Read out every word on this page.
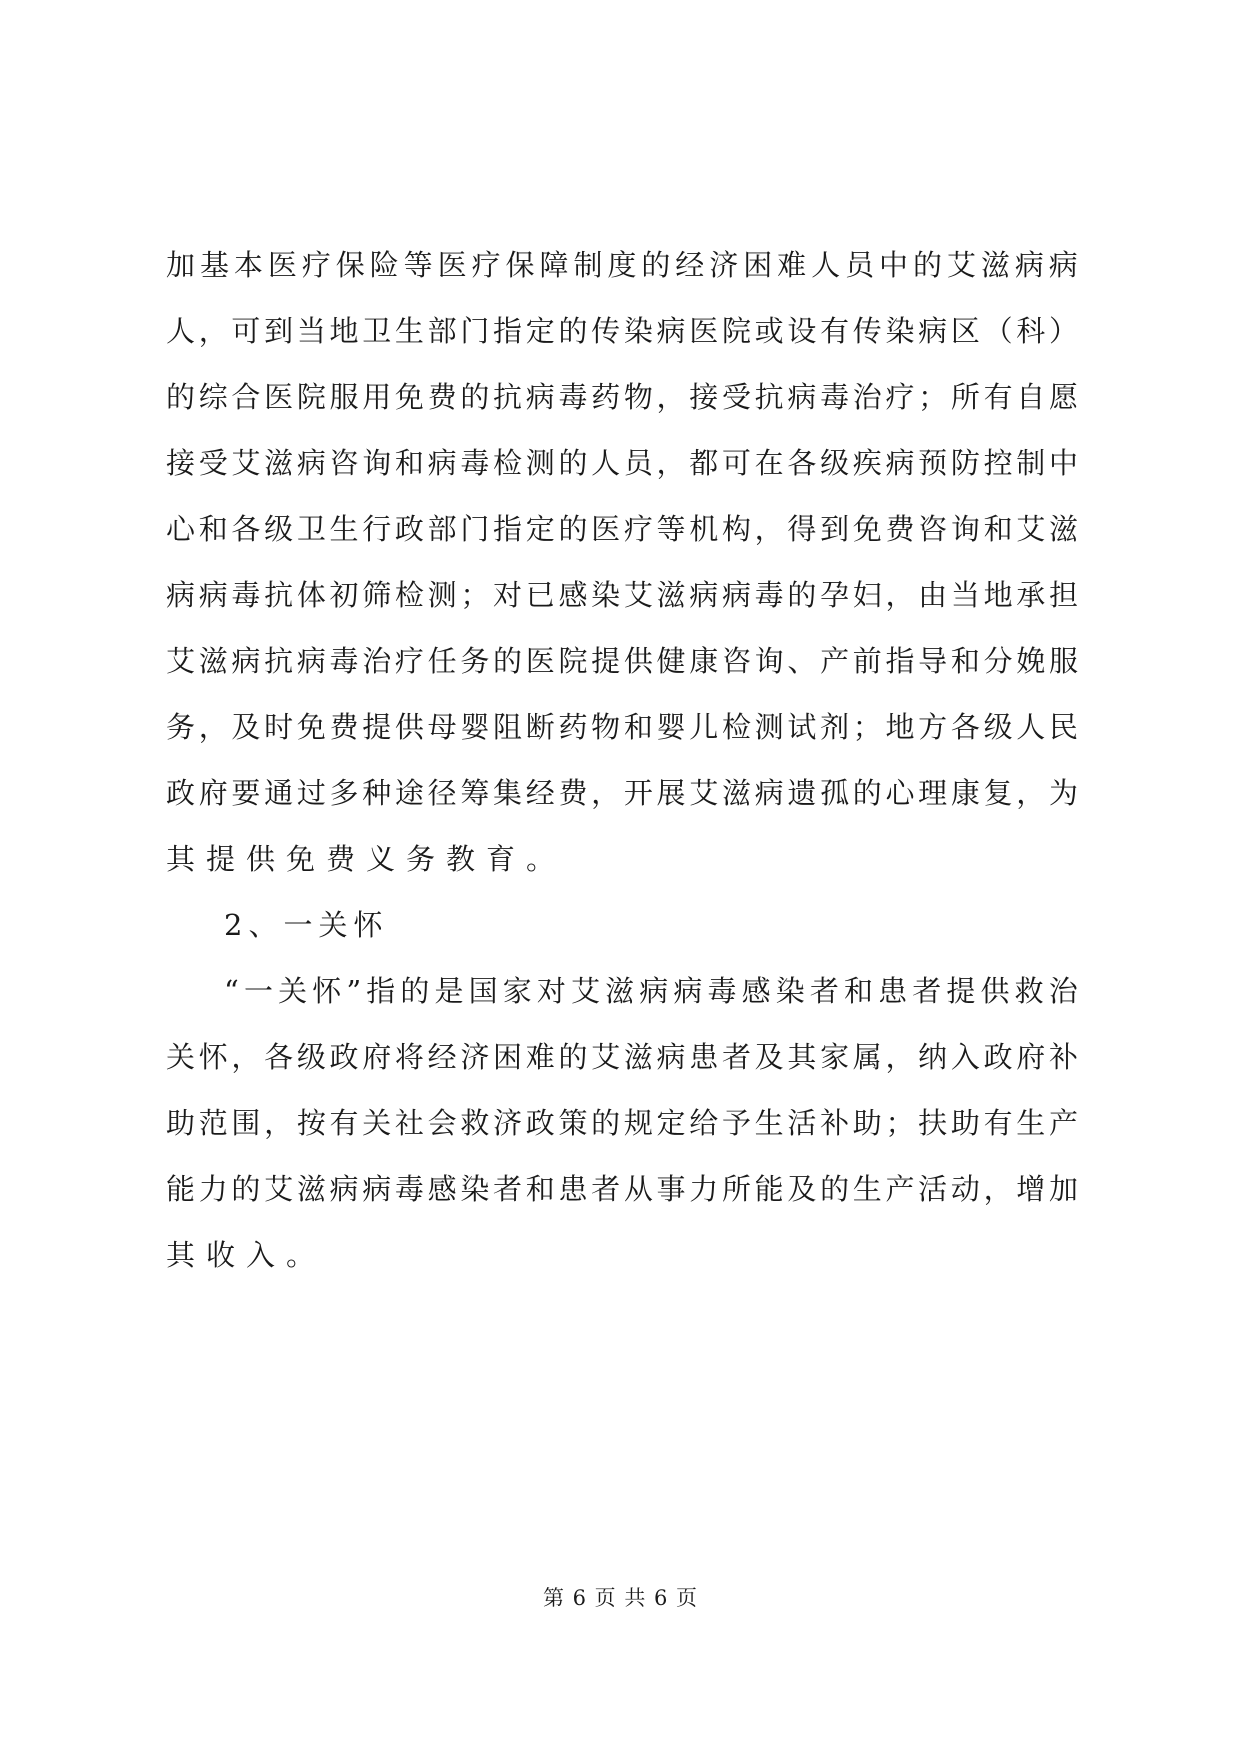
加 基 本 医 疗 保 险 等 医 疗 保 障 制 度 的 经 济 困 难 人 员 中 的 艾 滋 病 病
人 ， 可 到 当 地 卫 生 部 门 指 定 的 传 染 病 医 院 或 设 有 传 染 病 区 （ 科 ）
的 综 合 医 院 服 用 免 费 的 抗 病 毒 药 物 ， 接 受 抗 病 毒 治 疗 ； 所 有 自 愿
接 受 艾 滋 病 咨 询 和 病 毒 检 测 的 人 员 ， 都 可 在 各 级 疾 病 预 防 控 制 中
心 和 各 级 卫 生 行 政 部 门 指 定 的 医 疗 等 机 构 ， 得 到 免 费 咨 询 和 艾 滋
病 病 毒 抗 体 初 筛 检 测 ； 对 已 感 染 艾 滋 病 病 毒 的 孕 妇 ， 由 当 地 承 担
艾 滋 病 抗 病 毒 治 疗 任 务 的 医 院 提 供 健 康 咨 询 、 产 前 指 导 和 分 娩 服
务 ， 及 时 免 费 提 供 母 婴 阻 断 药 物 和 婴 儿 检 测 试 剂 ； 地 方 各 级 人 民
政 府 要 通 过 多 种 途 径 筹 集 经 费 ， 开 展 艾 滋 病 遗 孤 的 心 理 康 复 ， 为
其提供免费义务教育。
2、一关怀
“ 一 关 怀 ” 指 的 是 国 家 对 艾 滋 病 病 毒 感 染 者 和 患 者 提 供 救 治
关 怀 ， 各 级 政 府 将 经 济 困 难 的 艾 滋 病 患 者 及 其 家 属 ， 纳 入 政 府 补
助 范 围 ， 按 有 关 社 会 救 济 政 策 的 规 定 给 予 生 活 补 助 ； 扶 助 有 生 产
能 力 的 艾 滋 病 病 毒 感 染 者 和 患 者 从 事 力 所 能 及 的 生 产 活 动 ， 增 加
其收入。
第 6 页 共 6 页
